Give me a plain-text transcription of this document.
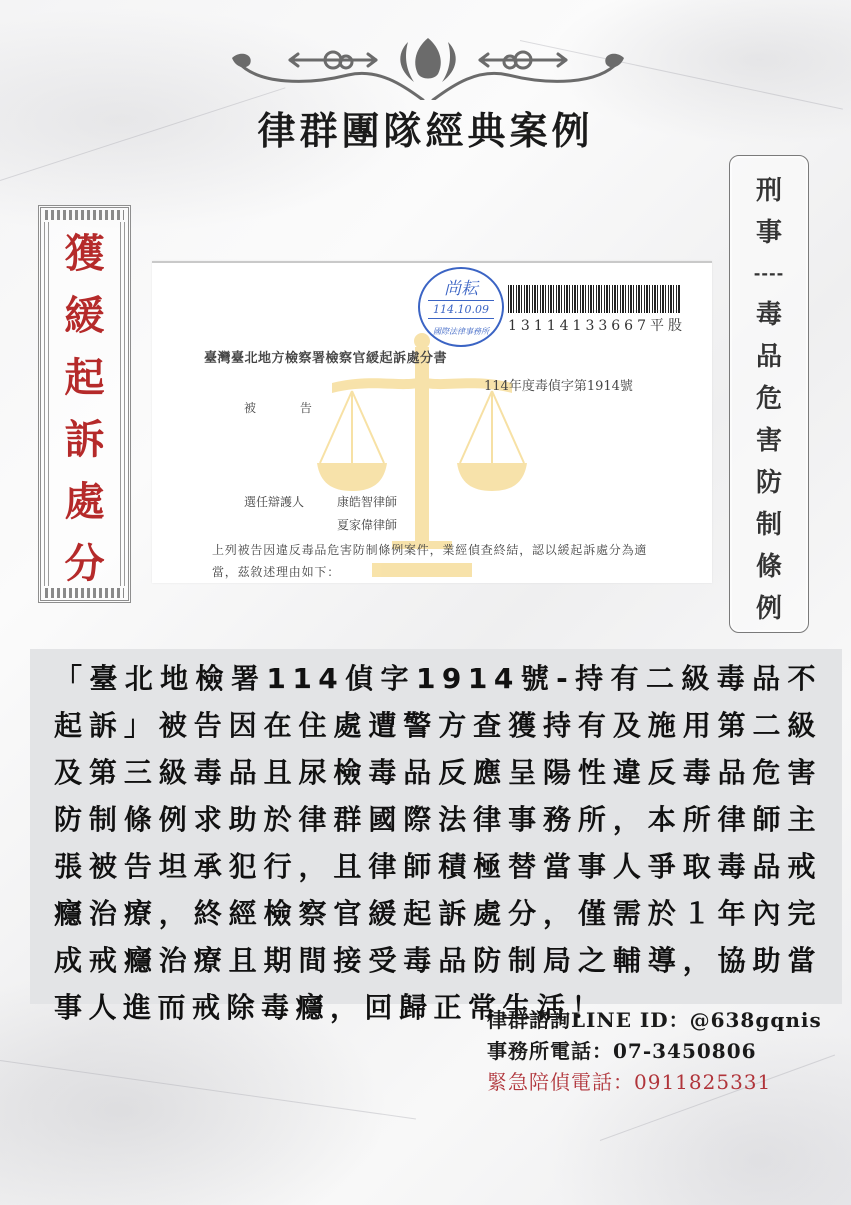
律群團隊經典案例
獲
緩
起
訴
處
分
刑
事
----
毒
品
危
害
防
制
條
例
尚耘
114.10.09
國際法律事務所	13114133667平股
臺灣臺北地方檢察署檢察官緩起訴處分書
114年度毒偵字第1914號
被 告
選任辯護人	康皓智律師
夏家偉律師
上列被告因違反毒品危害防制條例案件，業經偵查終結，認以緩起訴處分為適當，茲敘述理由如下：

「臺北地檢署114偵字1914號-持有二級毒品不起訴」被告因在住處遭警方查獲持有及施用第二級及第三級毒品且尿檢毒品反應呈陽性違反毒品危害防制條例求助於律群國際法律事務所，本所律師主張被告坦承犯行，且律師積極替當事人爭取毒品戒癮治療，終經檢察官緩起訴處分，僅需於１年內完成戒癮治療且期間接受毒品防制局之輔導，協助當事人進而戒除毒癮，回歸正常生活！

律群諮詢LINE ID：@638gqnis
事務所電話：07-3450806
緊急陪偵電話：0911825331
